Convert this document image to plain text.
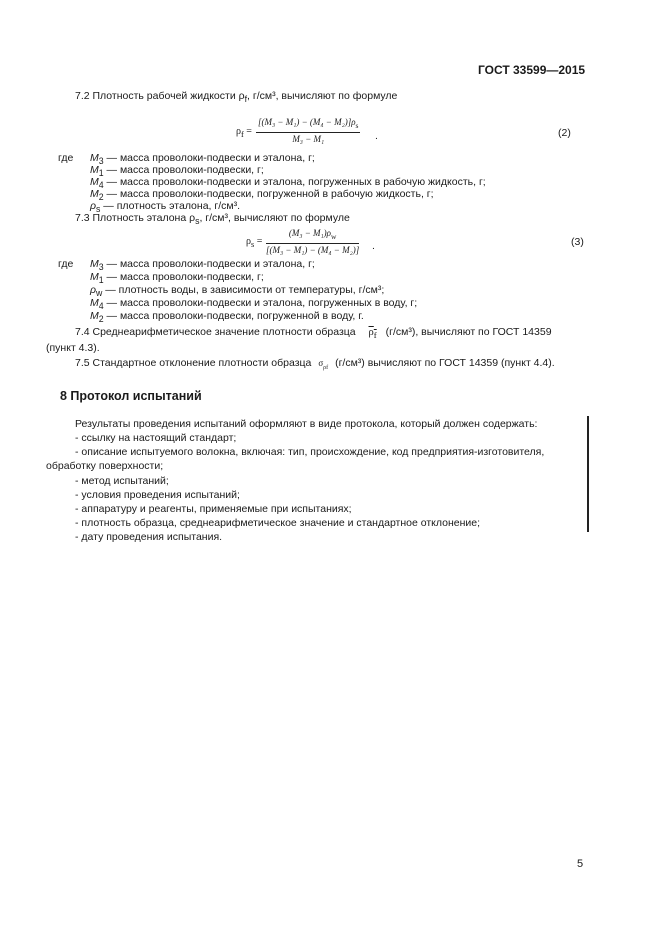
ГОСТ 33599—2015
7.2 Плотность рабочей жидкости $\rho_f$, г/см³, вычисляют по формуле
$\rho_f = \frac{[(M_3 - M_1) - (M_4 - M_2)]\rho_s}{\text{M₃ − M₁}}$ .	(2)
где $M_3$ — масса проволоки-подвески и эталона, г;
$M_1$ — масса проволоки-подвески, г;
$M_4$ — масса проволоки-подвески и эталона, погруженных в рабочую жидкость, г;
$M_2$ — масса проволоки-подвески, погруженной в рабочую жидкость, г;
$\rho_s$ — плотность эталона, г/см³.
7.3 Плотность эталона $\rho_s$, г/см³, вычисляют по формуле
$\rho_s = \frac{(M_3 - M_1)\rho_w}{\text{[(M₃ − M₁) − (M₄ − M₂)]}}$ .	(3)
где $M_3$ — масса проволоки-подвески и эталона, г;
$M_1$ — масса проволоки-подвески, г;
$\rho_w$ — плотность воды, в зависимости от температуры, г/см³;
$M_4$ — масса проволоки-подвески и эталона, погруженных в воду, г;
$M_2$ — масса проволоки-подвески, погруженной в воду, г.
7.4 Среднеарифметическое значение плотности образца $\rho_f$ (г/см³), вычисляют по ГОСТ 14359
(пункт 4.3).
7.5 Стандартное отклонение плотности образца $\sigma_{\rho f}$ (г/см³) вычисляют по ГОСТ 14359 (пункт 4.4).
8 Протокол испытаний
Результаты проведения испытаний оформляют в виде протокола, который должен содержать:
- ссылку на настоящий стандарт;
- описание испытуемого волокна, включая: тип, происхождение, код предприятия-изготовителя,
обработку поверхности;
- метод испытаний;
- условия проведения испытаний;
- аппаратуру и реагенты, применяемые при испытаниях;
- плотность образца, среднеарифметическое значение и стандартное отклонение;
- дату проведения испытания.
5
